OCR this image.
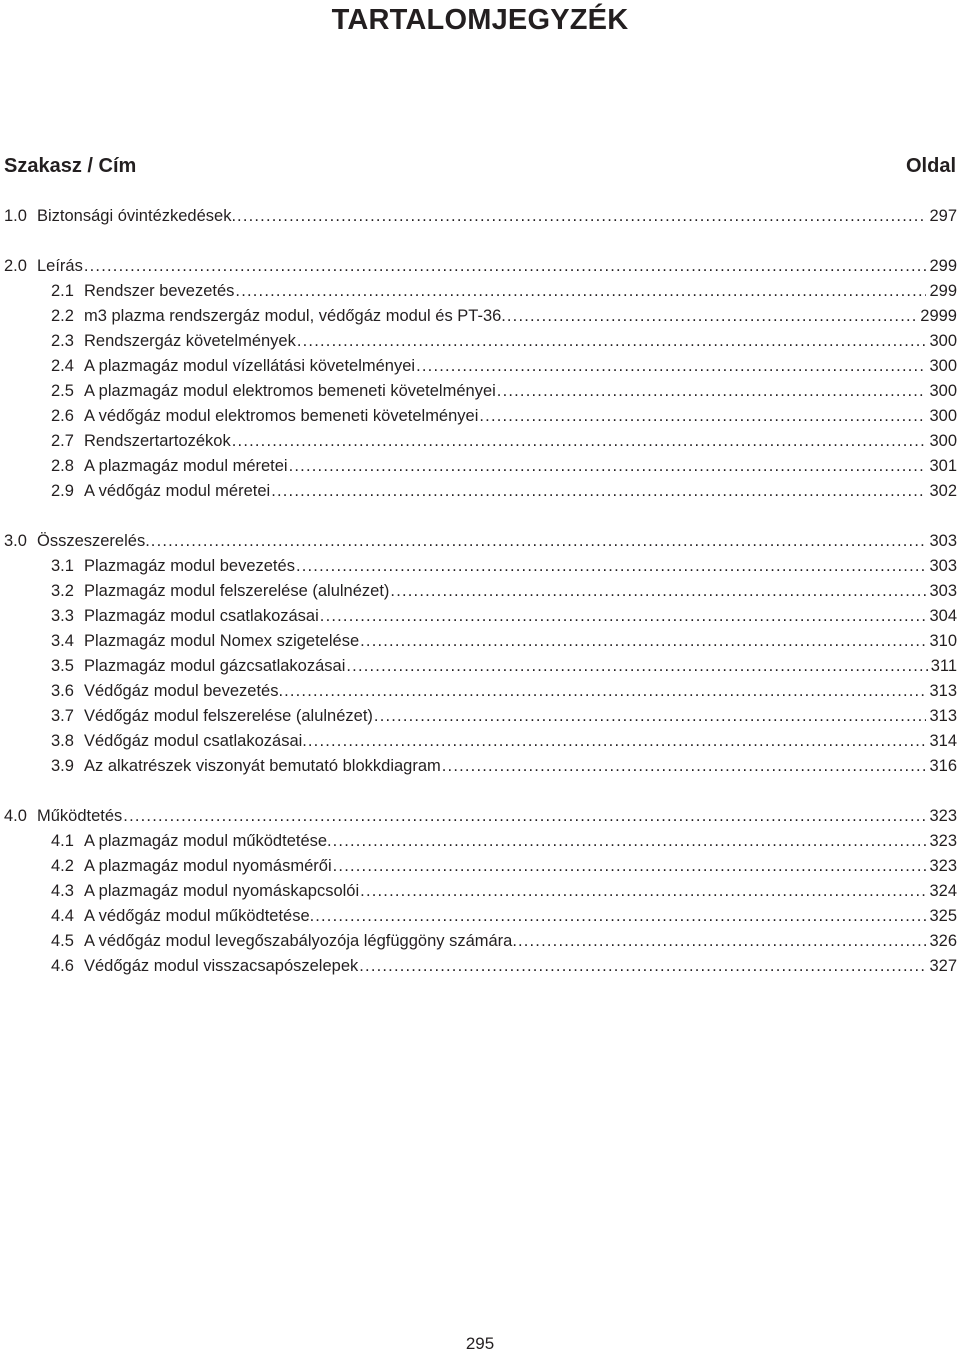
TARTALOMJEGYZÉK
Szakasz / Cím	Oldal
1.0 Biztonsági óvintézkedések. .....	297
2.0 Leírás .....	299
2.1 Rendszer bevezetés .....	299
2.2 m3 plazma rendszergáz modul, védőgáz modul és PT-36. .....	2999
2.3 Rendszergáz követelmények .....	300
2.4 A plazmagáz modul vízellátási követelményei .....	300
2.5 A plazmagáz modul elektromos bemeneti követelményei .....	300
2.6 A védőgáz modul elektromos bemeneti követelményei .....	300
2.7 Rendszertartozékok .....	300
2.8 A plazmagáz modul méretei .....	301
2.9 A védőgáz modul méretei .....	302
3.0 Összeszerelés. .....	303
3.1 Plazmagáz modul bevezetés .....	303
3.2 Plazmagáz modul felszerelése (alulnézet) .....	303
3.3 Plazmagáz modul csatlakozásai .....	304
3.4 Plazmagáz modul Nomex szigetelése .....	310
3.5 Plazmagáz modul gázcsatlakozásai .....	311
3.6 Védőgáz modul bevezetés. .....	313
3.7 Védőgáz modul felszerelése (alulnézet) .....	313
3.8 Védőgáz modul csatlakozásai. .....	314
3.9 Az alkatrészek viszonyát bemutató blokkdiagram .....	316
4.0 Működtetés .....	323
4.1 A plazmagáz modul működtetése. .....	323
4.2 A plazmagáz modul nyomásmérői .....	323
4.3 A plazmagáz modul nyomáskapcsolói .....	324
4.4 A védőgáz modul működtetése. .....	325
4.5 A védőgáz modul levegőszabályozója légfüggöny számára. .....	326
4.6 Védőgáz modul visszacsapószelepek .....	327
295
